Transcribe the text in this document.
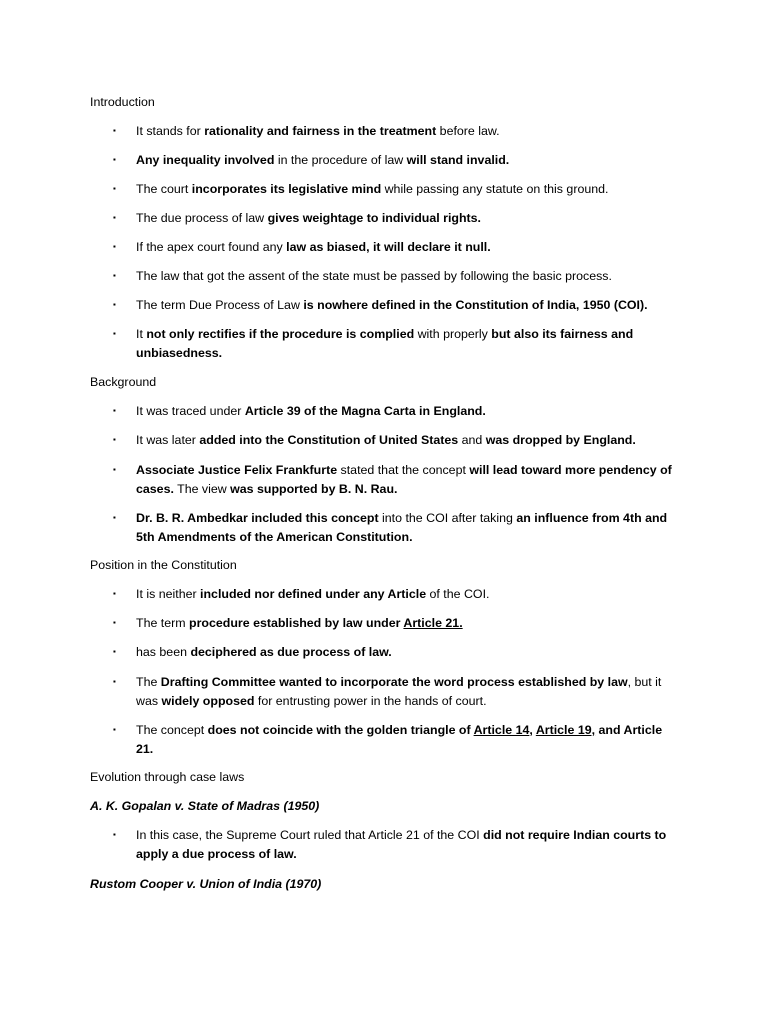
Introduction
▪	It stands for rationality and fairness in the treatment before law.
▪	Any inequality involved in the procedure of law will stand invalid.
▪	The court incorporates its legislative mind while passing any statute on this ground.
▪	The due process of law gives weightage to individual rights.
▪	If the apex court found any law as biased, it will declare it null.
▪	The law that got the assent of the state must be passed by following the basic process.
▪	The term Due Process of Law is nowhere defined in the Constitution of India, 1950 (COI).
▪	It not only rectifies if the procedure is complied with properly but also its fairness and unbiasedness.
Background
▪	It was traced under Article 39 of the Magna Carta in England.
▪	It was later added into the Constitution of United States and was dropped by England.
▪	Associate Justice Felix Frankfurte stated that the concept will lead toward more pendency of cases. The view was supported by B. N. Rau.
▪	Dr. B. R. Ambedkar included this concept into the COI after taking an influence from 4th and 5th Amendments of the American Constitution.
Position in the Constitution
▪	It is neither included nor defined under any Article of the COI.
▪	The term procedure established by law under Article 21.
▪	has been deciphered as due process of law.
▪	The Drafting Committee wanted to incorporate the word process established by law, but it was widely opposed for entrusting power in the hands of court.
▪	The concept does not coincide with the golden triangle of Article 14, Article 19, and Article 21.
Evolution through case laws
A. K. Gopalan v. State of Madras (1950)
▪	In this case, the Supreme Court ruled that Article 21 of the COI did not require Indian courts to apply a due process of law.
Rustom Cooper v. Union of India (1970)
